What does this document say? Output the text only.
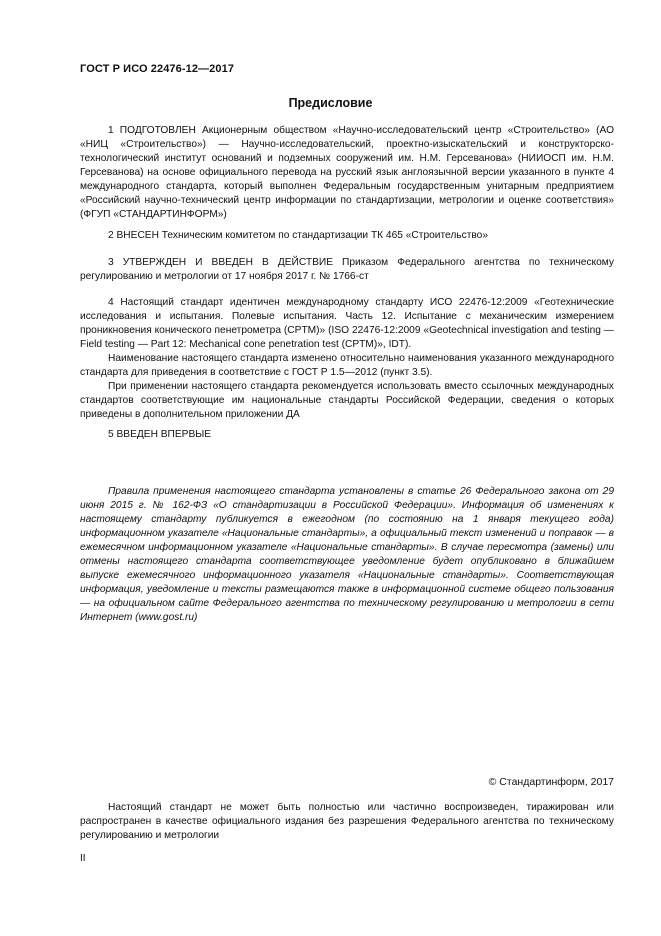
ГОСТ Р ИСО 22476-12—2017
Предисловие

1 ПОДГОТОВЛЕН Акционерным обществом «Научно-исследовательский центр «Строительство» (АО «НИЦ «Строительство») — Научно-исследовательский, проектно-изыскательский и конструкторско-технологический институт оснований и подземных сооружений им. Н.М. Герсеванова» (НИИОСП им. Н.М. Герсеванова) на основе официального перевода на русский язык англоязычной версии указанного в пункте 4 международного стандарта, который выполнен Федеральным государственным унитарным предприятием «Российский научно-технический центр информации по стандартизации, метрологии и оценке соответствия» (ФГУП «СТАНДАРТИНФОРМ»)

2 ВНЕСЕН Техническим комитетом по стандартизации ТК 465 «Строительство»

3 УТВЕРЖДЕН И ВВЕДЕН В ДЕЙСТВИЕ Приказом Федерального агентства по техническому регулированию и метрологии от 17 ноября 2017 г. № 1766-ст

4 Настоящий стандарт идентичен международному стандарту ИСО 22476-12:2009 «Геотехнические исследования и испытания. Полевые испытания. Часть 12. Испытание с механическим измерением проникновения конического пенетрометра (CPTM)» (ISO 22476-12:2009 «Geotechnical investigation and testing — Field testing — Part 12: Mechanical cone penetration test (CPTM)», IDT).

Наименование настоящего стандарта изменено относительно наименования указанного международного стандарта для приведения в соответствие с ГОСТ Р 1.5—2012 (пункт 3.5).

При применении настоящего стандарта рекомендуется использовать вместо ссылочных международных стандартов соответствующие им национальные стандарты Российской Федерации, сведения о которых приведены в дополнительном приложении ДА

5 ВВЕДЕН ВПЕРВЫЕ

Правила применения настоящего стандарта установлены в статье 26 Федерального закона от 29 июня 2015 г. № 162-ФЗ «О стандартизации в Российской Федерации». Информация об изменениях к настоящему стандарту публикуется в ежегодном (по состоянию на 1 января текущего года) информационном указателе «Национальные стандарты», а официальный текст изменений и поправок — в ежемесячном информационном указателе «Национальные стандарты». В случае пересмотра (замены) или отмены настоящего стандарта соответствующее уведомление будет опубликовано в ближайшем выпуске ежемесячного информационного указателя «Национальные стандарты». Соответствующая информация, уведомление и тексты размещаются также в информационной системе общего пользования — на официальном сайте Федерального агентства по техническому регулированию и метрологии в сети Интернет (www.gost.ru)

© Стандартинформ, 2017

Настоящий стандарт не может быть полностью или частично воспроизведен, тиражирован или распространен в качестве официального издания без разрешения Федерального агентства по техническому регулированию и метрологии

II
